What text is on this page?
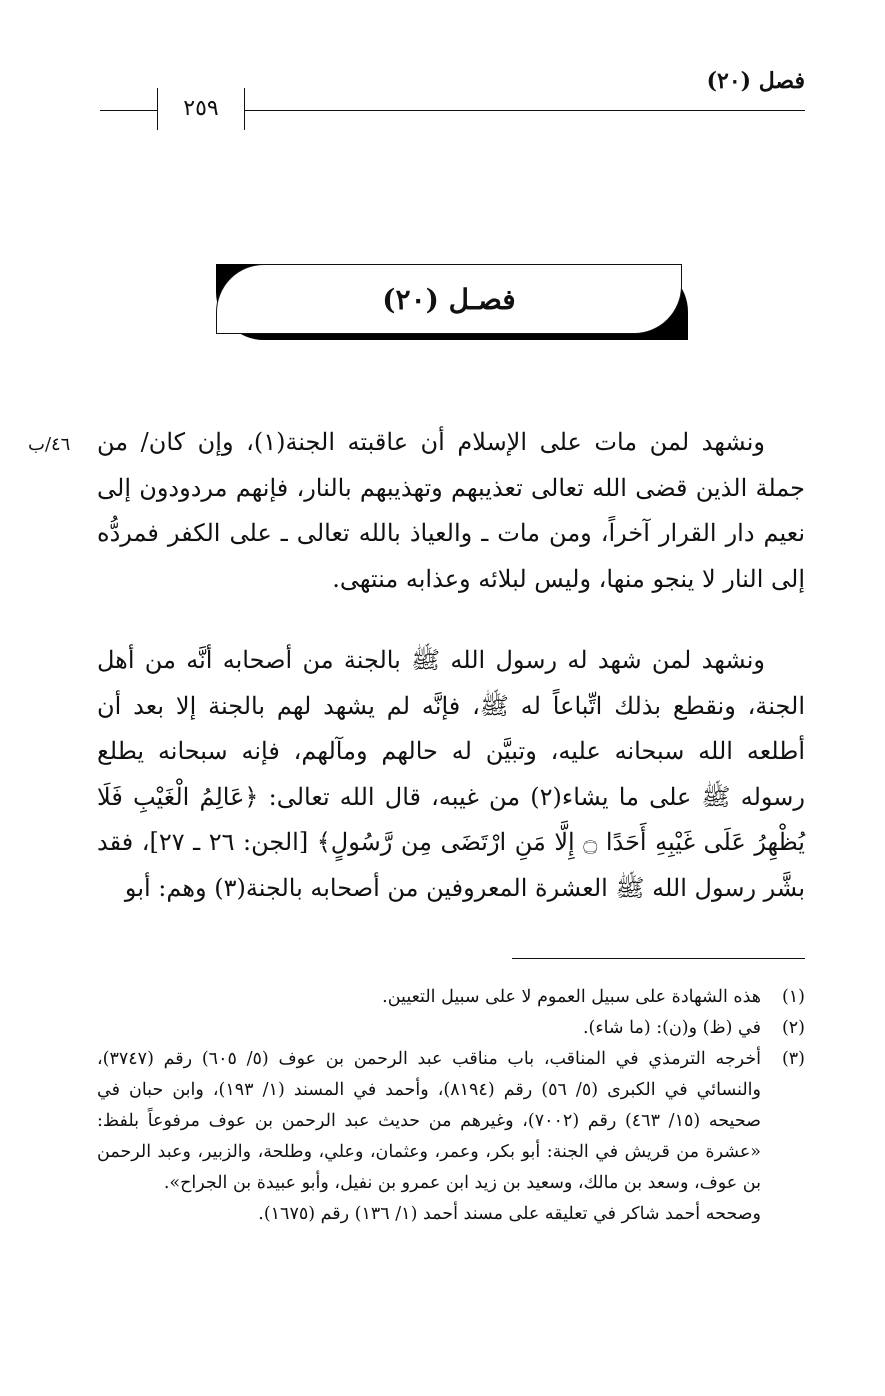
فصل (٢٠)
٢٥٩
فصـل (٢٠)
٤٦/ب ونشهد لمن مات على الإسلام أن عاقبته الجنة(١)، وإن كان/ من جملة الذين قضى الله تعالى تعذيبهم وتهذيبهم بالنار، فإنهم مردودون إلى نعيم دار القرار آخراً، ومن مات ـ والعياذ بالله تعالى ـ على الكفر فمردُّه إلى النار لا ينجو منها، وليس لبلائه وعذابه منتهى.

ونشهد لمن شهد له رسول الله ﷺ بالجنة من أصحابه أنَّه من أهل الجنة، ونقطع بذلك اتِّباعاً له ﷺ، فإنَّه لم يشهد لهم بالجنة إلا بعد أن أطلعه الله سبحانه عليه، وتبيَّن له حالهم ومآلهم، فإنه سبحانه يطلع رسوله ﷺ على ما يشاء(٢) من غيبه، قال الله تعالى: ﴿عَالِمُ الْغَيْبِ فَلَا يُظْهِرُ عَلَى غَيْبِهِ أَحَدًا ۝ إِلَّا مَنِ ارْتَضَى مِن رَّسُولٍ﴾ [الجن: ٢٦ ـ ٢٧]، فقد بشَّر رسول الله ﷺ العشرة المعروفين من أصحابه بالجنة(٣) وهم: أبو

(١)
هذه الشهادة على سبيل العموم لا على سبيل التعيين.
(٢)
في (ظ) و(ن): (ما شاء).
(٣)
أخرجه الترمذي في المناقب، باب مناقب عبد الرحمن بن عوف (٥/ ٦٠٥) رقم (٣٧٤٧)، والنسائي في الكبرى (٥/ ٥٦) رقم (٨١٩٤)، وأحمد في المسند (١/ ١٩٣)، وابن حبان في صحيحه (١٥/ ٤٦٣) رقم (٧٠٠٢)، وغيرهم من حديث عبد الرحمن بن عوف مرفوعاً بلفظ: «عشرة من قريش في الجنة: أبو بكر، وعمر، وعثمان، وعلي، وطلحة، والزبير، وعبد الرحمن بن عوف، وسعد بن مالك، وسعيد بن زيد ابن عمرو بن نفيل، وأبو عبيدة بن الجراح».
وصححه أحمد شاكر في تعليقه على مسند أحمد (١/ ١٣٦) رقم (١٦٧٥).
